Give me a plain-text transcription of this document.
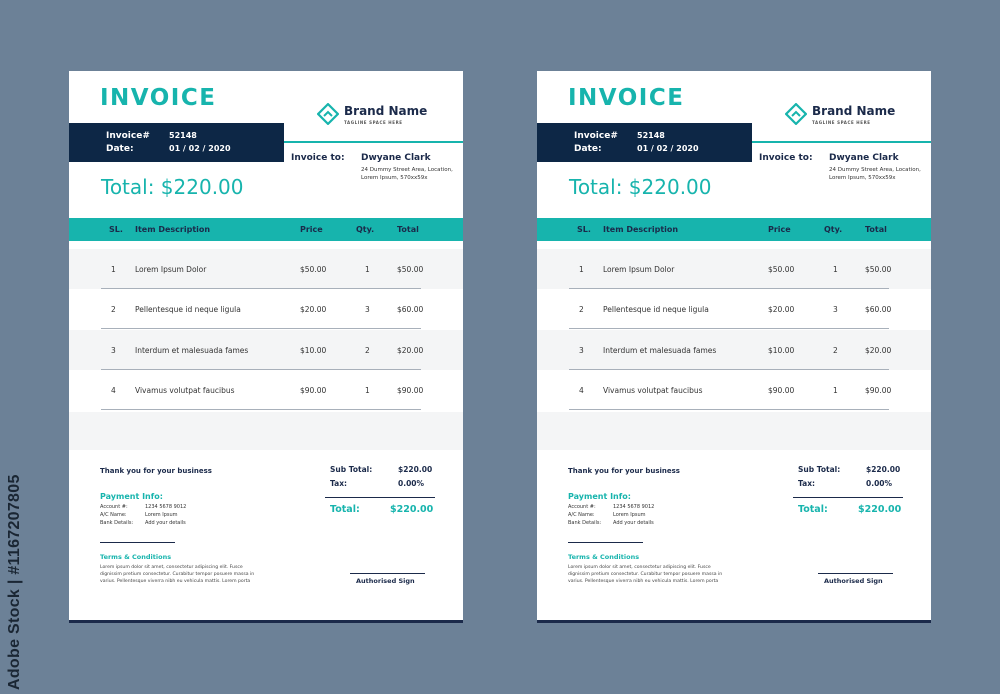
Adobe Stock | #1167207805
INVOICE	Brand Name
TAGLINE SPACE HERE
Invoice# 52148
Date:	01 / 02 / 2020
Total: $220.00
Invoice to: Dwyane Clark
24 Dummy Street Area, Location, Lorem Ipsum, 570xx59x
SL. Item Description	Price	Qty.	Total
1	Lorem Ipsum Dolor	$50.00	1	$50.00
2	Pellentesque id neque ligula	$20.00	3	$60.00
3	Interdum et malesuada fames	$10.00	2	$20.00
4	Vivamus volutpat faucibus	$90.00	1	$90.00
Thank you for your business
Payment Info:
Account #:	1234 5678 9012
A/C Name:	Lorem Ipsum
Bank Details: Add your details
Terms & Conditions
Lorem ipsum dolor sit amet, consectetur adipiscing elit. Fusce dignissim pretium consectetur. Curabitur tempor posuere massa in varius. Pellentesque viverra nibh eu vehicula mattis. Lorem porta
Sub Total:	$220.00
Tax:	0.00%
Total:	$220.00
Authorised Sign
INVOICE	Brand Name
TAGLINE SPACE HERE
Invoice# 52148
Date:	01 / 02 / 2020
Total: $220.00
Invoice to: Dwyane Clark
24 Dummy Street Area, Location, Lorem Ipsum, 570xx59x
SL. Item Description	Price	Qty.	Total
1	Lorem Ipsum Dolor	$50.00	1	$50.00
2	Pellentesque id neque ligula	$20.00	3	$60.00
3	Interdum et malesuada fames	$10.00	2	$20.00
4	Vivamus volutpat faucibus	$90.00	1	$90.00
Thank you for your business
Payment Info:
Account #:	1234 5678 9012
A/C Name:	Lorem Ipsum
Bank Details: Add your details
Terms & Conditions
Lorem ipsum dolor sit amet, consectetur adipiscing elit. Fusce dignissim pretium consectetur. Curabitur tempor posuere massa in varius. Pellentesque viverra nibh eu vehicula mattis. Lorem porta
Sub Total:	$220.00
Tax:	0.00%
Total:	$220.00
Authorised Sign
